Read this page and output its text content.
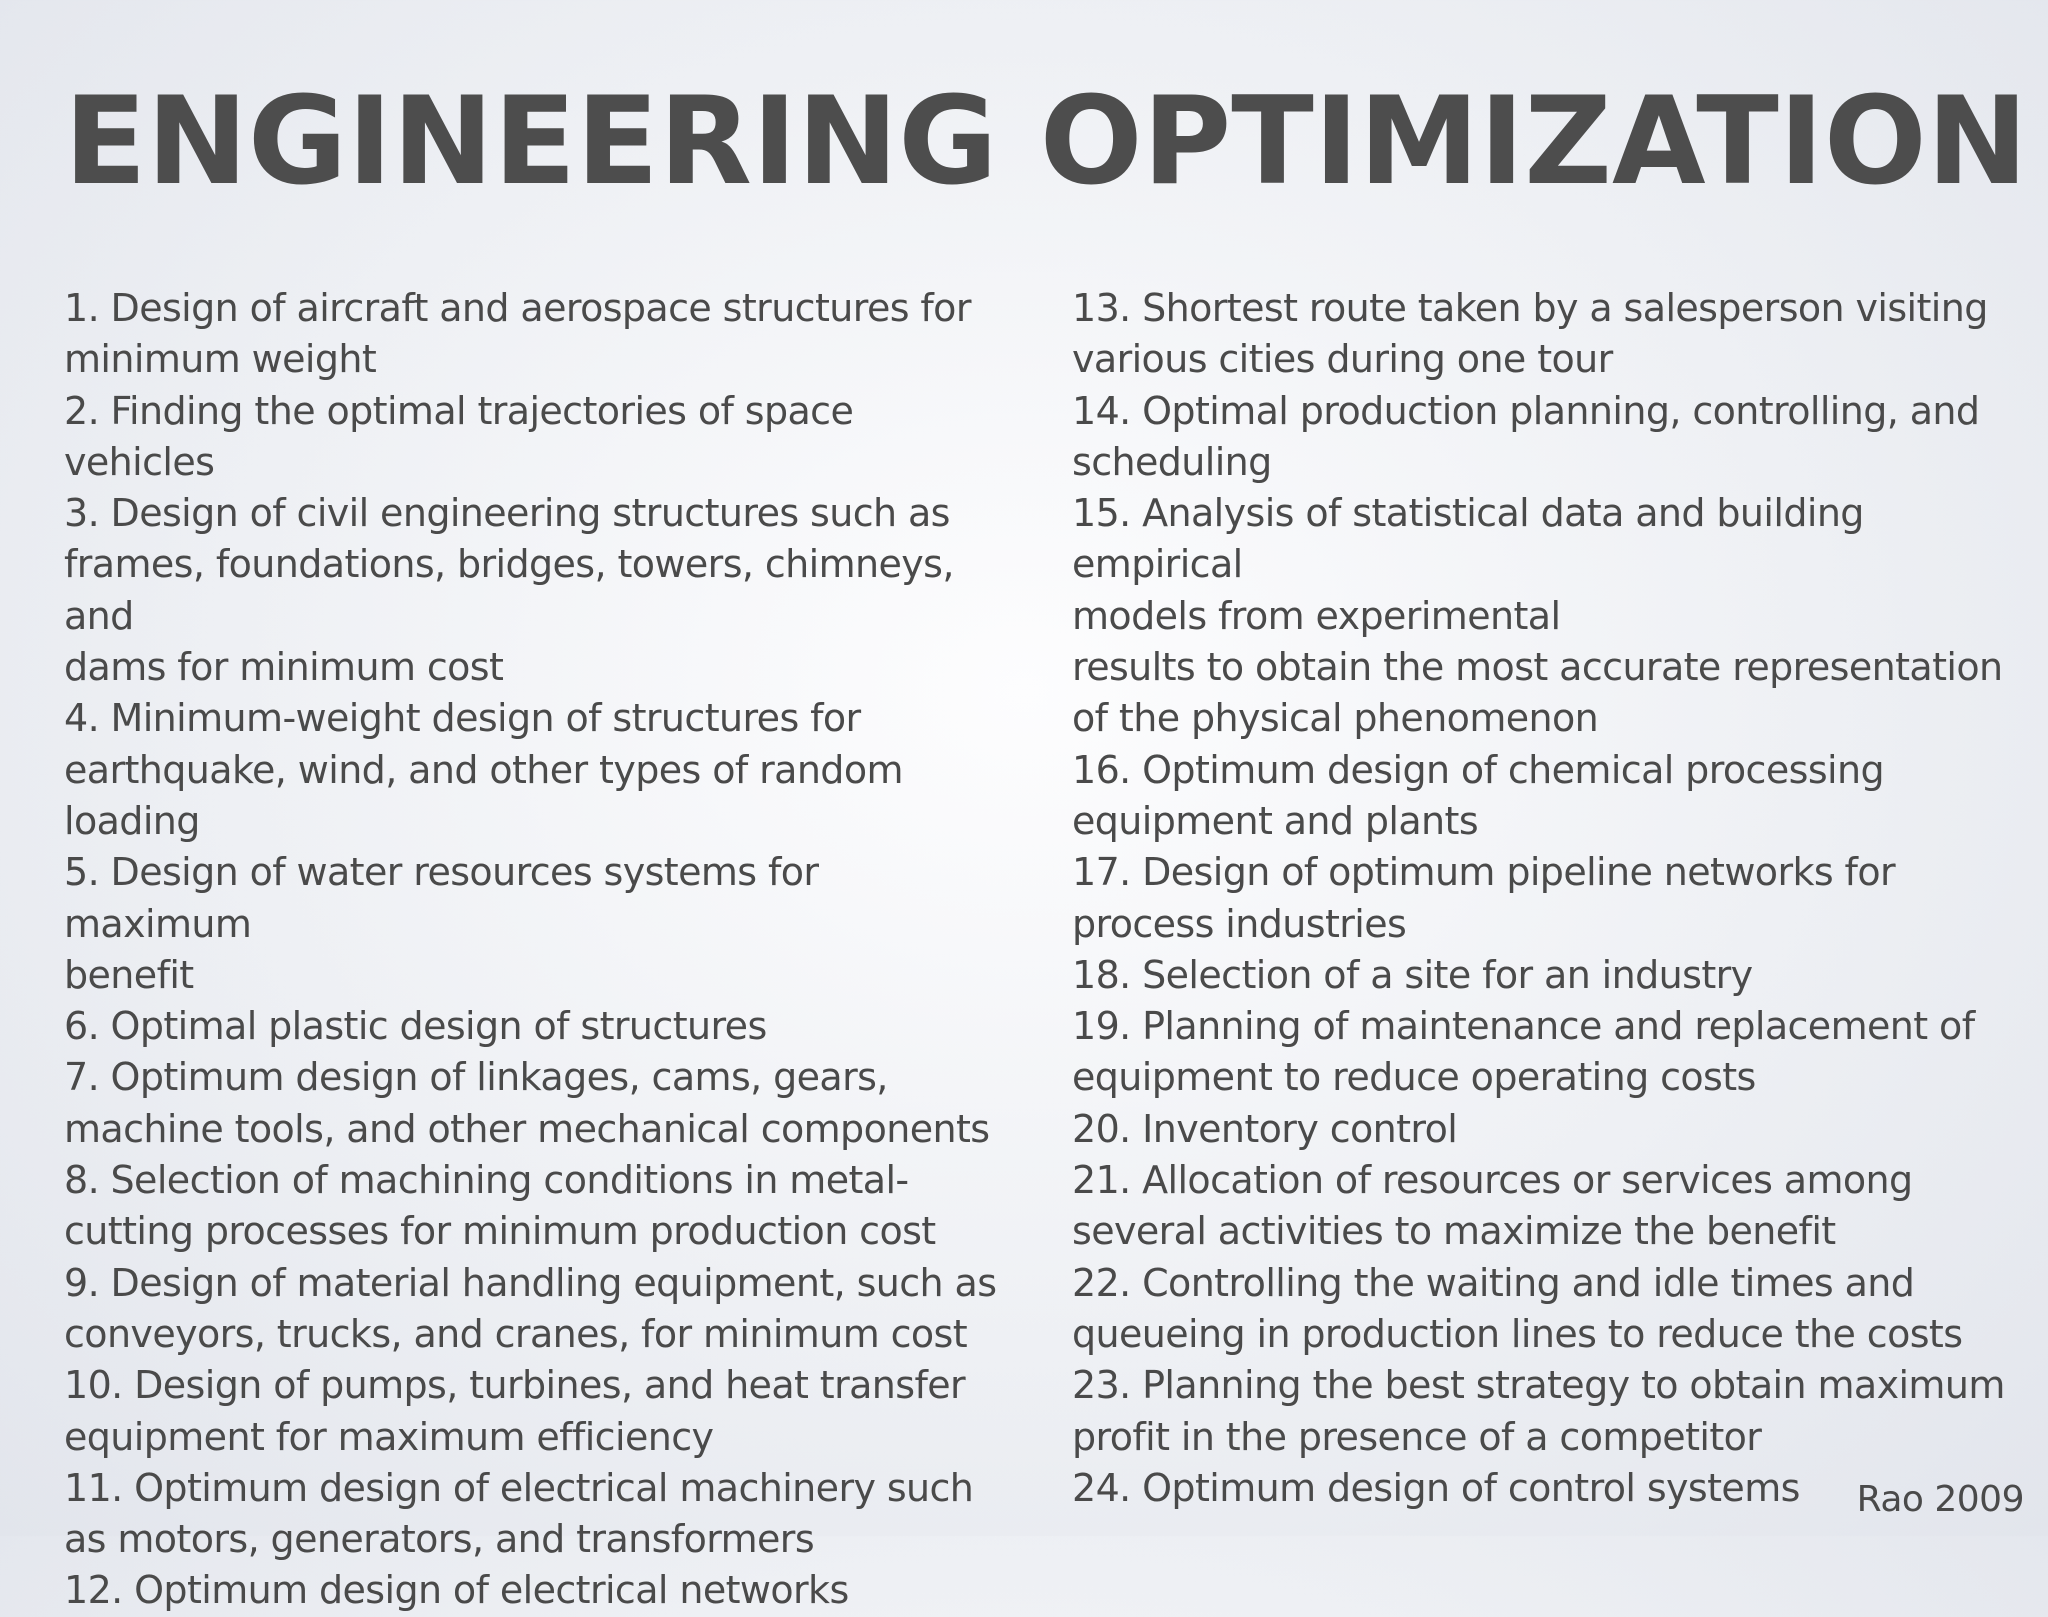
ENGINEERING OPTIMIZATION
1. Design of aircraft and aerospace structures for
minimum weight
2. Finding the optimal trajectories of space vehicles
3. Design of civil engineering structures such as
frames, foundations, bridges, towers, chimneys, and
dams for minimum cost
4. Minimum-weight design of structures for
earthquake, wind, and other types of random
loading
5. Design of water resources systems for maximum
benefit
6. Optimal plastic design of structures
7. Optimum design of linkages, cams, gears,
machine tools, and other mechanical components
8. Selection of machining conditions in metal-
cutting processes for minimum production cost
9. Design of material handling equipment, such as
conveyors, trucks, and cranes, for minimum cost
10. Design of pumps, turbines, and heat transfer
equipment for maximum efficiency
11. Optimum design of electrical machinery such
as motors, generators, and transformers
12. Optimum design of electrical networks
13. Shortest route taken by a salesperson visiting
various cities during one tour
14. Optimal production planning, controlling, and
scheduling
15. Analysis of statistical data and building empirical
models from experimental
results to obtain the most accurate representation
of the physical phenomenon
16. Optimum design of chemical processing
equipment and plants
17. Design of optimum pipeline networks for
process industries
18. Selection of a site for an industry
19. Planning of maintenance and replacement of
equipment to reduce operating costs
20. Inventory control
21. Allocation of resources or services among
several activities to maximize the benefit
22. Controlling the waiting and idle times and
queueing in production lines to reduce the costs
23. Planning the best strategy to obtain maximum
profit in the presence of a competitor
24. Optimum design of control systems	Rao 2009
